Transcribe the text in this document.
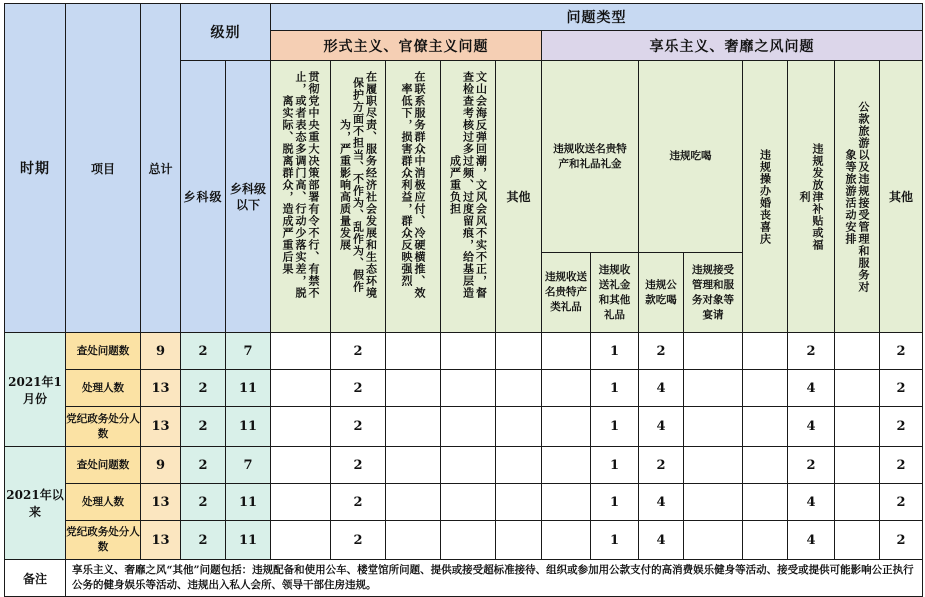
时期	项目	总计	级别		问题类型												
					形式主义、官僚主义问题					享乐主义、奢靡之风问题							

			乡科级	乡科级以下	贯彻党中央重大决策部署有令不行、有禁不止，或者表态多调门高、行动少落实差，脱离实际、脱离群众，造成严重后果	在履职尽责、服务经济社会发展和生态环境保护方面不担当、不作为、乱作为、假作为，严重影响高质量发展	在联系服务群众中消极应付、冷硬横推、效率低下，损害群众利益，群众反映强烈	文山会海反弹回潮，文风会风不实不正，督查检查考核过多过频、过度留痕，给基层造成严重负担	其他	违规收送名贵特产和礼品礼金		违规吃喝		违规操办婚丧喜庆	违规发放津补贴或福利	公款旅游以及违规接受管理和服务对象等旅游活动安排	其他

										违规收送名贵特产类礼品	违规收送礼金和其他礼品	违规公款吃喝	违规接受管理和服务对象等宴请				

2021年1月份	查处问题数	9	2	7		2					1	2			2		2
	处理人数	13	2	11		2					1	4			4		2
	党纪政务处分人数	13	2	11		2					1	4			4		2
2021年以来	查处问题数	9	2	7		2					1	2			2		2
	处理人数	13	2	11		2					1	4			4		2
	党纪政务处分人数	13	2	11		2					1	4			4		2
备注	享乐主义、奢靡之风“其他”问题包括：违规配备和使用公车、楼堂馆所问题、提供或接受超标准接待、组织或参加用公款支付的高消费娱乐健身等活动、接受或提供可能影响公正执行公务的健身娱乐等活动、违规出入私人会所、领导干部住房违规。																
